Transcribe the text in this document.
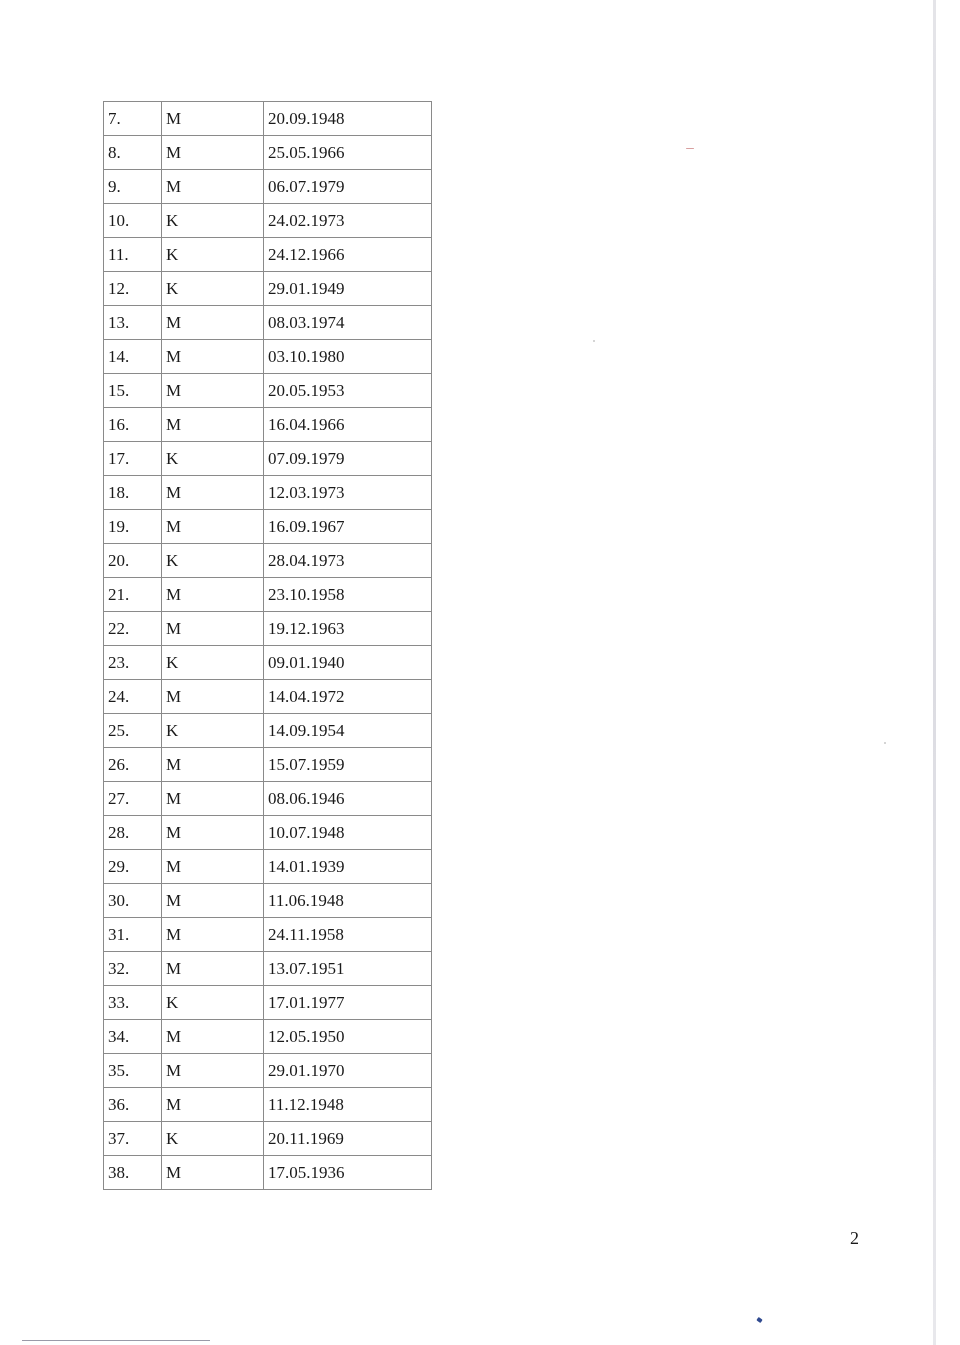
7.	M	20.09.1948
8.	M	25.05.1966
9.	M	06.07.1979
10.	K	24.02.1973
11.	K	24.12.1966
12.	K	29.01.1949
13.	M	08.03.1974
14.	M	03.10.1980
15.	M	20.05.1953
16.	M	16.04.1966
17.	K	07.09.1979
18.	M	12.03.1973
19.	M	16.09.1967
20.	K	28.04.1973
21.	M	23.10.1958
22.	M	19.12.1963
23.	K	09.01.1940
24.	M	14.04.1972
25.	K	14.09.1954
26.	M	15.07.1959
27.	M	08.06.1946
28.	M	10.07.1948
29.	M	14.01.1939
30.	M	11.06.1948
31.	M	24.11.1958
32.	M	13.07.1951
33.	K	17.01.1977
34.	M	12.05.1950
35.	M	29.01.1970
36.	M	11.12.1948
37.	K	20.11.1969
38.	M	17.05.1936
2
